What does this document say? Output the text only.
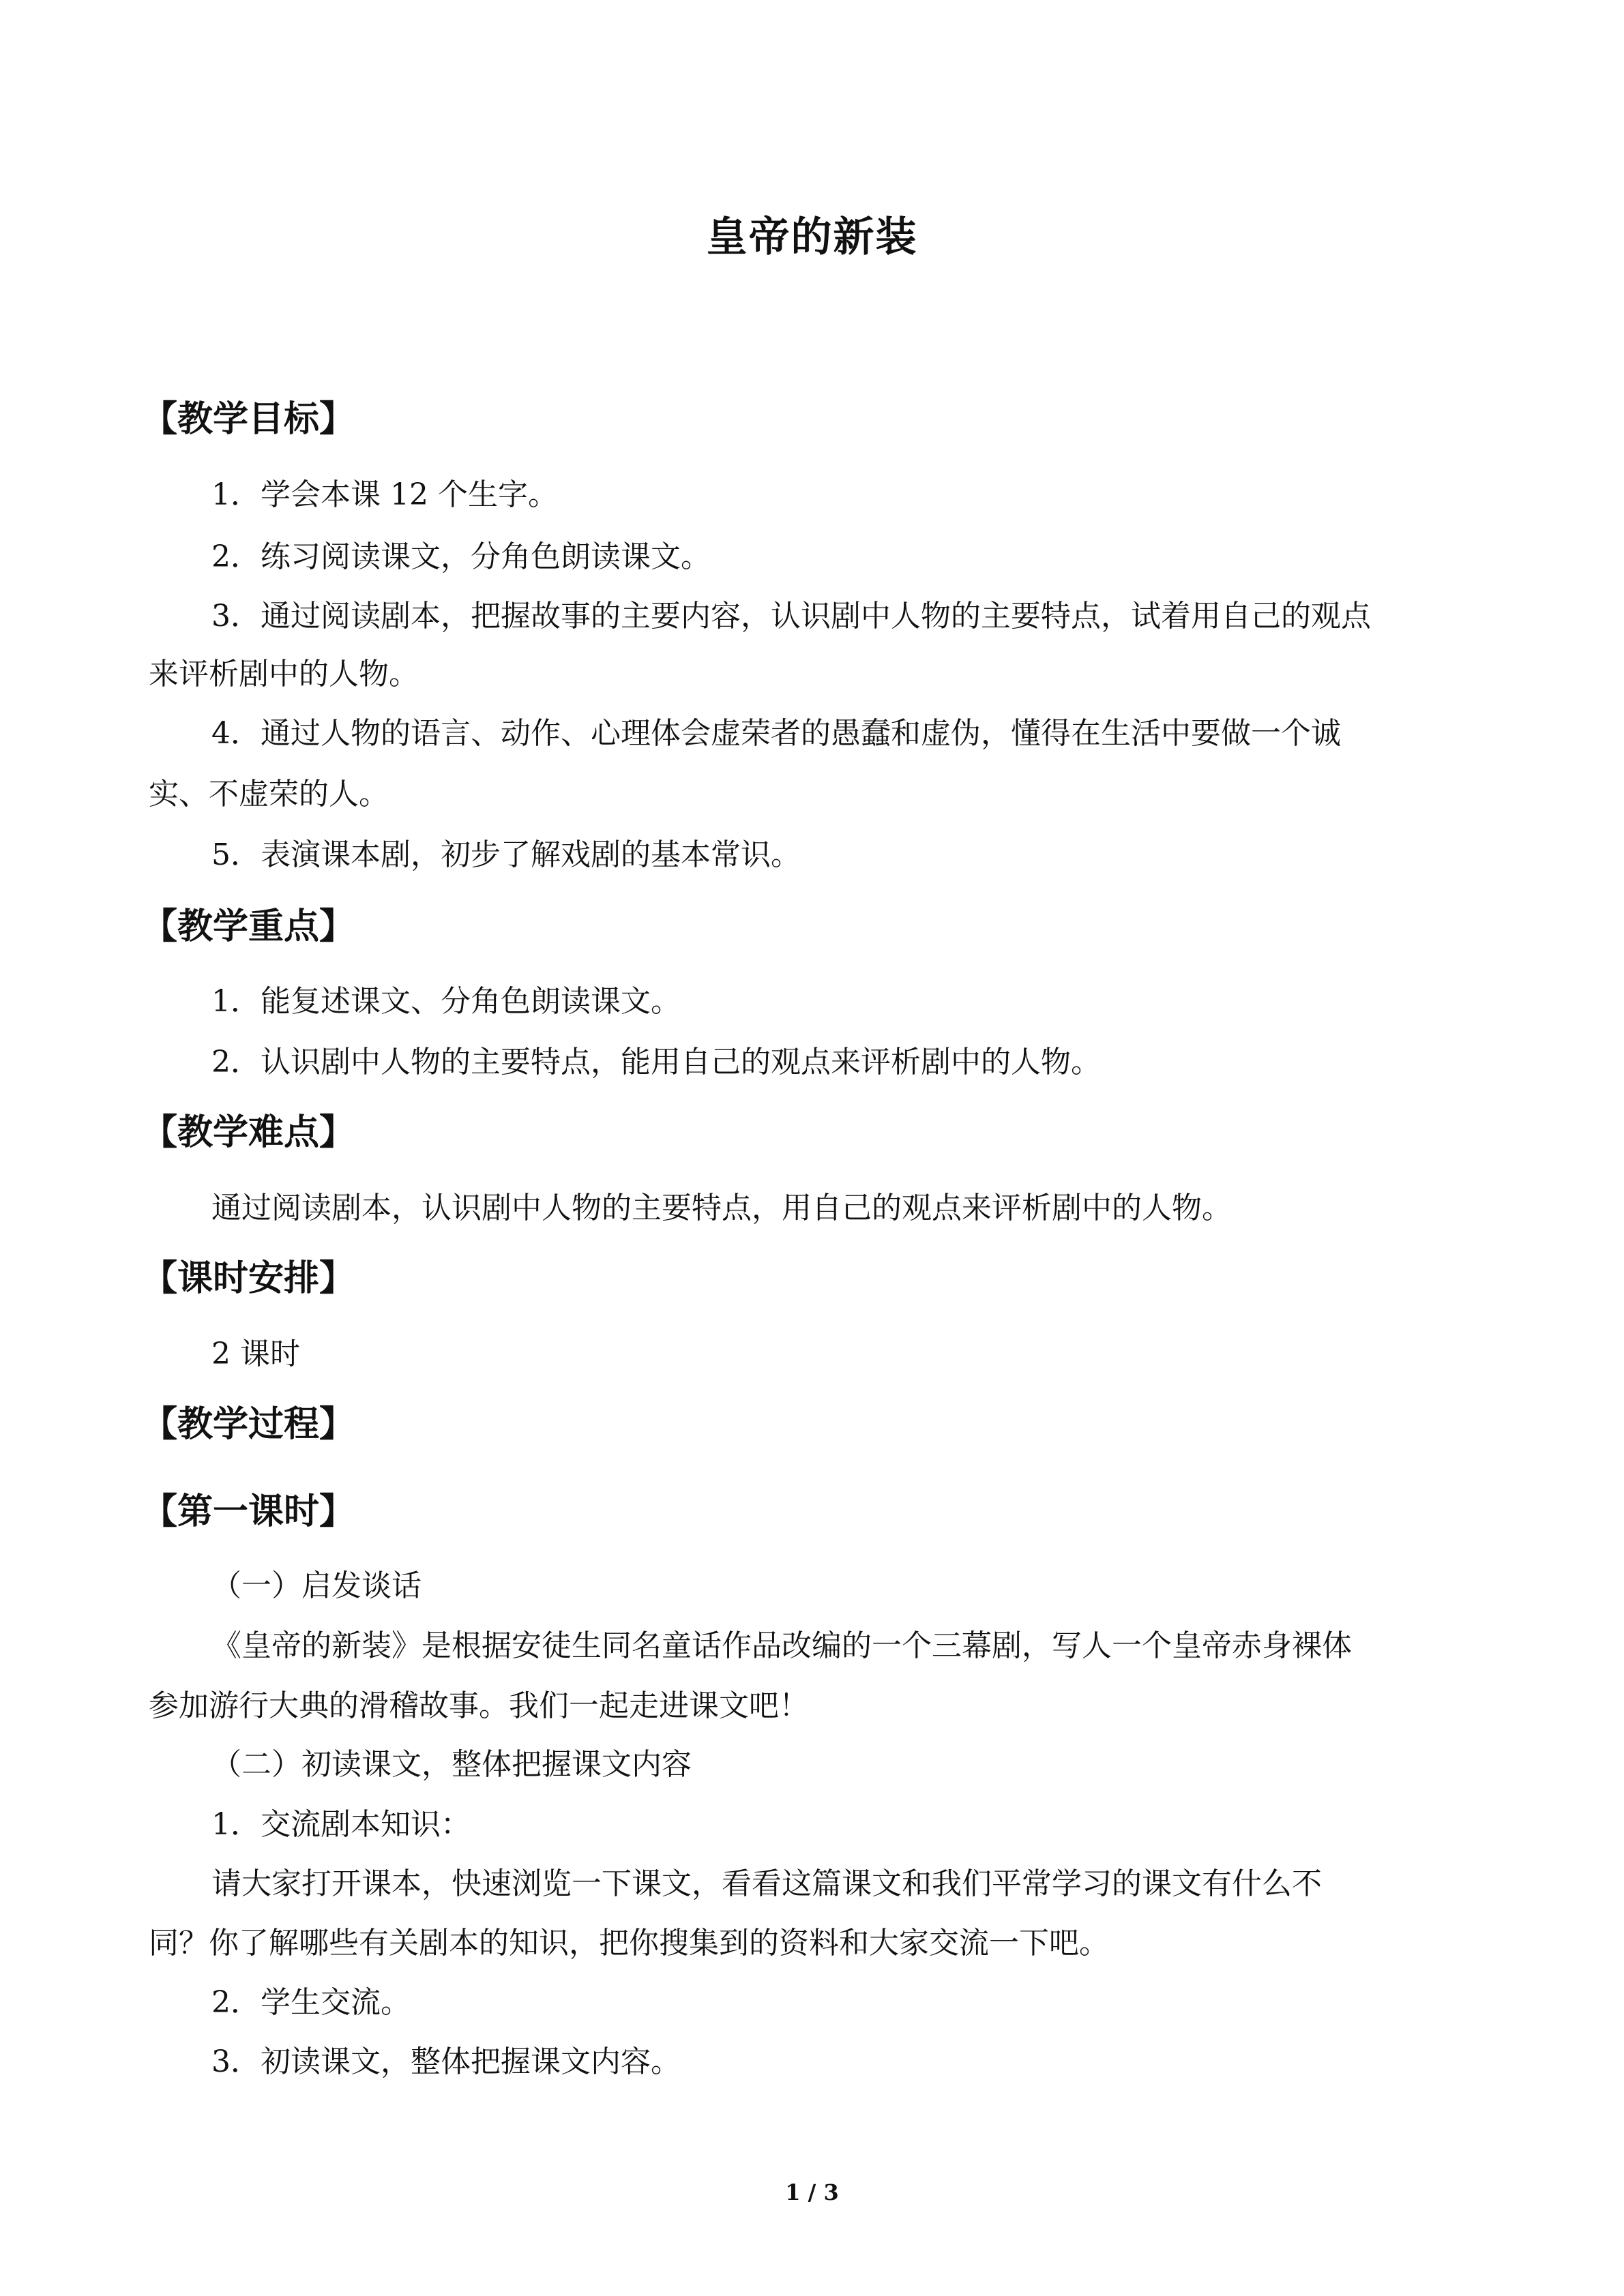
皇帝的新装
【教学目标】
1．学会本课 12 个生字。
2．练习阅读课文，分角色朗读课文。
3．通过阅读剧本，把握故事的主要内容，认识剧中人物的主要特点，试着用自己的观点
来评析剧中的人物。
4．通过人物的语言、动作、心理体会虚荣者的愚蠢和虚伪，懂得在生活中要做一个诚
实、不虚荣的人。
5．表演课本剧，初步了解戏剧的基本常识。
【教学重点】
1．能复述课文、分角色朗读课文。
2．认识剧中人物的主要特点，能用自己的观点来评析剧中的人物。
【教学难点】
通过阅读剧本，认识剧中人物的主要特点，用自己的观点来评析剧中的人物。
【课时安排】
2 课时
【教学过程】
【第一课时】
（一）启发谈话
《皇帝的新装》是根据安徒生同名童话作品改编的一个三幕剧，写人一个皇帝赤身裸体
参加游行大典的滑稽故事。我们一起走进课文吧！
（二）初读课文，整体把握课文内容
1．交流剧本知识：
请大家打开课本，快速浏览一下课文，看看这篇课文和我们平常学习的课文有什么不
同？你了解哪些有关剧本的知识，把你搜集到的资料和大家交流一下吧。
2．学生交流。
3．初读课文，整体把握课文内容。
1 / 3
